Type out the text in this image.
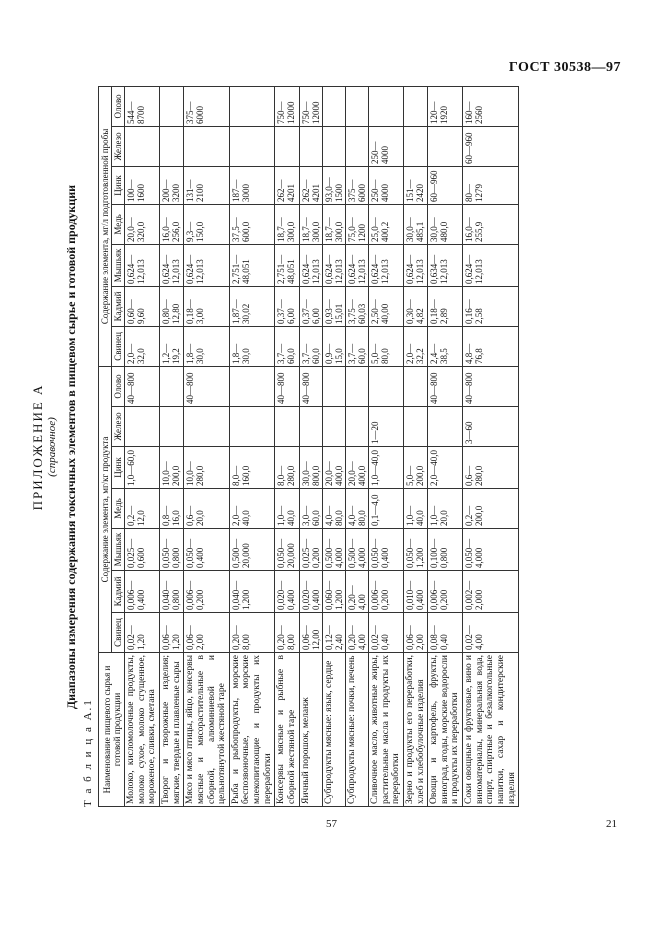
ГОСТ 30538—97
ПРИЛОЖЕНИЕ А (справочное) Диапазоны измерения содержания токсичных элементов в пищевом сырье и готовой продукции
Т а б л и ц а А.1 Наименование пищевого сырья и готовой продукции	Содержание элемента, мг/кг продукта							Содержание элемента, мг/л подготовленной пробы						
	Свинец	Кадмий	Мышьяк	Медь	Цинк	Железо	Олово	Свинец	Кадмий	Мышьяк	Медь	Цинк	Железо	Олово
Молоко, кисломолочные продукты, молоко сухое, молоко сгущенное, мороженое, сливки, сметана	0,02—1,20	0,006—0,400	0,025—0,600	0,2—12,0	1,0—60,0		40—800	2,0—32,0	0,60—9,60	0,624—12,013	20,0—320,0	100—1600		544—8700
Творог и творожные изделия; мягкие, твердые и плавленые сыры	0,06—1,20	0,040—0,800	0,050—0,800	0,8—16,0	10,0—200,0			1,2—19,2	0,80—12,80	0,624—12,013	16,0—256,0	200—3200		
Мясо и мясо птицы, яйцо, консервы мясные и мясорастительные в сборной, алюминиевой и цельнотянутой жестяной таре	0,06—2,00	0,006—0,200	0,050—0,400	0,6—20,0	10,0—280,0		40—800	1,8—30,0	0,18—3,00	0,624—12,013	9,3—150,0	131—2100		375—6000
Рыба и рыбопродукты, морские беспозвоночные, морские млекопитающие и продукты их переработки	0,20—8,00	0,040—1,200	0,500—20,000	2,0—40,0	8,0—160,0			1,8—30,0	1,87—30,02	2,751—48,051	37,5—600,0	187—3000		
Консервы мясные и рыбные в сборной жестяной таре	0,20—8,00	0,020—0,400	0,050—20,000	1,0—40,0	8,0—280,0		40—800	3,7—60,0	0,37—6,00	2,751—48,051	18,7—300,0	262—4201		750—12000
Яичный порошок, меланж	0,06—12,00	0,020—0,400	0,025—0,200	3,0—60,0	30,0—800,0		40—800	3,7—60,0	0,37—6,00	0,624—12,013	18,7—300,0	262—4201		750—12000
Субпродукты мясные: язык, сердце	0,12—2,40	0,060—1,200	0,500—4,000	4,0—80,0	20,0—400,0			0,9—15,0	0,93—15,01	0,624—12,013	18,7—300,0	93,0—1500		
Субпродукты мясные: почки, печень	0,20—4,00	0,20—4,00	0,500—4,000	4,0—80,0	20,0—400,0			3,7—60,0	3,75—60,03	0,624—12,013	75,0—1200	375—6000		
Сливочное масло, животные жиры, растительные масла и продукты их переработки	0,02—0,40	0,006—0,200	0,050—0,400	0,1—4,0	1,0—40,0	1—20		5,0—80,0	2,50—40,00	0,624—12,013	25,0—400,2	250—4000	250—4000	
Зерно и продукты его переработки, хлеб и хлебобулочные изделия	0,06—2,00	0,010—0,400	0,050—1,200	1,0—40,0	5,0—200,0			2,0—32,2	0,30—4,82	0,624—12,013	30,0—485,1	151—2420		
Овощи и картофель, фрукты, виноград, ягоды, морские водоросли и продукты их переработки	0,08—0,40	0,006—0,200	0,100—0,800	1,0—20,0	2,0—40,0		40—800	2,4—38,5	0,18—2,89	0,634—12,013	30,0—480,0	60—960		120—1920
Соки овощные и фруктовые, вино и виноматериалы, минеральная вода, спирт, спиртные и безалкогольные напитки, сахар и кондитерские изделия	0,02—4,00	0,002—2,000	0,050—4,000	0,2—200,0	0,6—280,0	3—60	40—800	4,8—76,8	0,16—2,58	0,624—12,013	16,0—255,9	80—1279	60—960	160—2560
57	21
